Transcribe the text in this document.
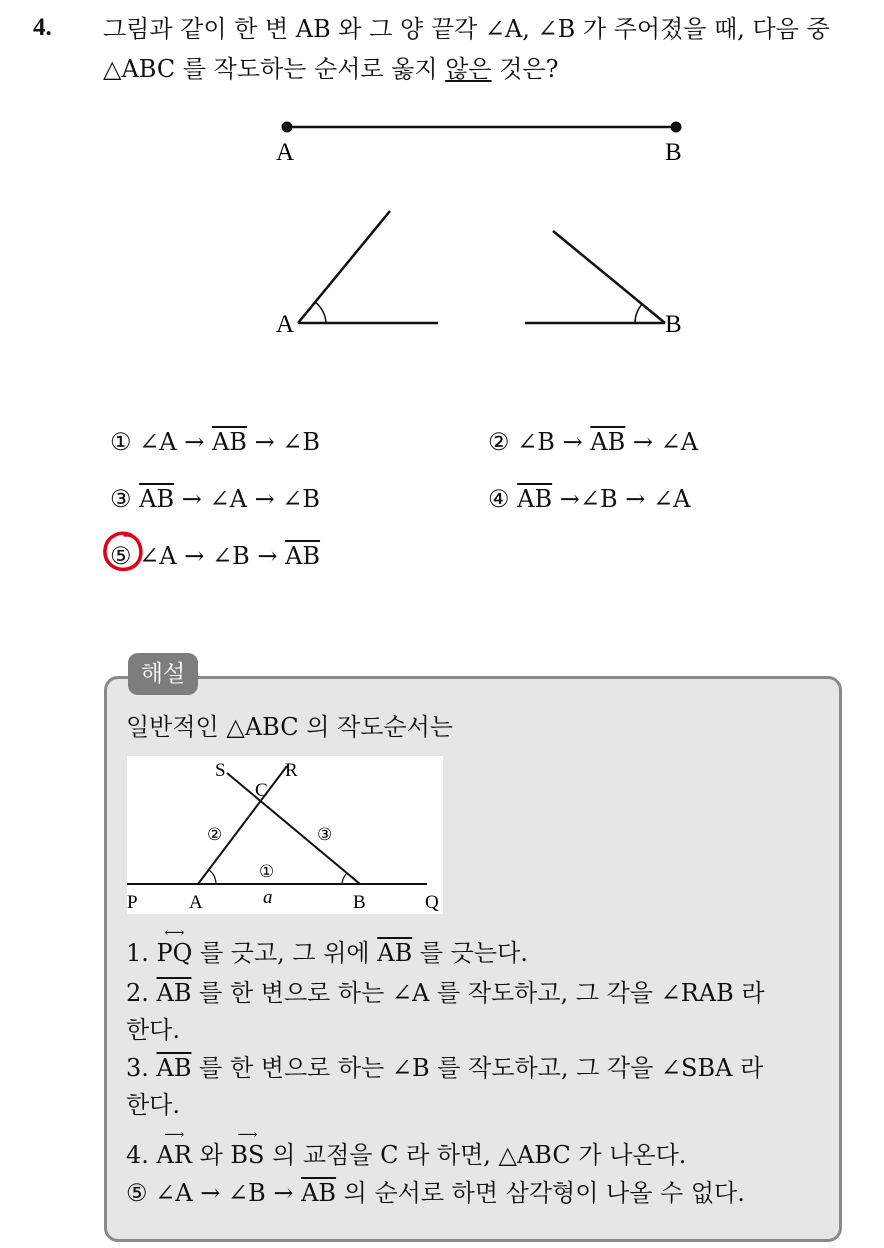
4. 그림과 같이 한 변 AB 와 그 양 끝각 ∠A, ∠B 가 주어졌을 때, 다음 중
△ABC 를 작도하는 순서로 옳지 않은 것은?
A	B
A	B
① ∠A → $\overline{AB}$ → ∠B	② ∠B → $\overline{AB}$ → ∠A
③ $\overline{AB}$ → ∠A → ∠B	④ $\overline{AB}$ →∠B → ∠A
⑤ ∠A → ∠B → $\overline{AB}$
해설
일반적인 △ABC 의 작도순서는
S	R
C
②	③
①
P	A	a	B	Q
1.
⟷
PQ 를 긋고, 그 위에 $\overline{AB}$ 를 긋는다.
2. $\overline{AB}$ 를 한 변으로 하는 ∠A 를 작도하고, 그 각을 ∠RAB 라
한다.
3. $\overline{AB}$ 를 한 변으로 하는 ∠B 를 작도하고, 그 각을 ∠SBA 라
한다.
4.
⟶
AR 와
⟶
BS 의 교점을 C 라 하면, △ABC 가 나온다.
⑤ ∠A → ∠B → $\overline{AB}$ 의 순서로 하면 삼각형이 나올 수 없다.
